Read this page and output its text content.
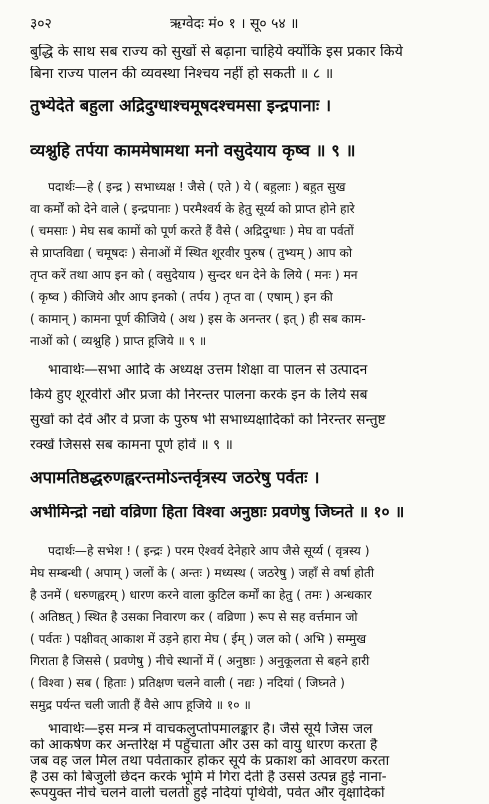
३०२	ऋग्वेदः मं० १ । सू० ५४ ॥
बुद्धि के साथ सब राज्य को सुखों से बढ़ाना चाहिये क्योंकि इस प्रकार किये
बिना राज्य पालन की व्यवस्था निश्चय नहीं हो सकती ॥ ८ ॥
तुभ्येदेते बहुला अद्रिदुग्धाश्चमूषदश्चमसा इन्द्रपानाः ।
व्यश्नुहि तर्पया काममेषामथा मनो वसुदेयाय कृष्व ॥ ९ ॥
पदार्थः—हे ( इन्द्र ) सभाध्यक्ष ! जैसे ( एते ) ये ( बहुलाः ) बहुत सुख
वा कर्मों को देने वाले ( इन्द्रपानाः ) परमैश्वर्य के हेतु सूर्य्य को प्राप्त होने हारे
( चमसाः ) मेघ सब कामों को पूर्ण करते हैं वैसे ( अद्रिदुग्धाः ) मेघ वा पर्वतों
से प्राप्तविद्या ( चमूषदः ) सेनाओं में स्थित शूरवीर पुरुष ( तुभ्यम् ) आप को
तृप्त करें तथा आप इन को ( वसुदेयाय ) सुन्दर धन देने के लिये ( मनः ) मन
( कृष्व ) कीजिये और आप इनको ( तर्पय ) तृप्त वा ( एषाम् ) इन की
( कामान् ) कामना पूर्ण कीजिये ( अथ ) इस के अनन्तर ( इत् ) ही सब काम-
नाओं को ( व्यश्नुहि ) प्राप्त हूजिये ॥ ९ ॥
भावार्थः—सभा आदि के अध्यक्ष उत्तम शिक्षा वा पालन से उत्पादन
किये हुए शूरवीरों और प्रजा की निरन्तर पालना करके इन के लिये सब
सुखों को देवें और वे प्रजा के पुरुष भी सभाध्यक्षादिकों को निरन्तर सन्तुष्ट
रक्खें जिससे सब कामना पूर्ण होवें ॥ ९ ॥
अपामतिष्ठद्धरुणह्वरन्तमोऽन्तर्वृत्रस्य जठरेषु पर्वतः ।
अभीमिन्द्रो नद्यो वव्रिणा हिता विश्वा अनुष्ठाः प्रवणेषु जिघ्नते ॥ १० ॥
पदार्थः—हे सभेश ! ( इन्द्रः ) परम ऐश्वर्य देनेहारे आप जैसे सूर्य्य ( वृत्रस्य )
मेघ सम्बन्धी ( अपाम् ) जलों के ( अन्तः ) मध्यस्थ ( जठरेषु ) जहाँ से वर्षा होती
है उनमें ( धरुणह्वरम् ) धारण करने वाला कुटिल कर्मों का हेतु ( तमः ) अन्धकार
( अतिष्ठत् ) स्थित है उसका निवारण कर ( वव्रिणा ) रूप से सह वर्त्तमान जो
( पर्वतः ) पक्षीवत् आकाश में उड़ने हारा मेघ ( ईम् ) जल को ( अभि ) सम्मुख
गिराता है जिससे ( प्रवणेषु ) नीचे स्थानों में ( अनुष्ठाः ) अनुकूलता से बहने हारी
( विश्वा ) सब ( हिताः ) प्रतिक्षण चलने वाली ( नद्यः ) नदियां ( जिघ्नते )
समुद्र पर्यन्त चली जाती हैं वैसे आप हूजिये ॥ १० ॥
भावार्थः—इस मन्त्र में वाचकलुप्तोपमालङ्कार है। जैसे सूर्य जिस जल
को आकर्षण कर अन्तरिक्ष में पहुँचाता और उस को वायु धारण करता है
जब वह जल मिल तथा पर्वताकार होकर सूर्य के प्रकाश को आवरण करता
है उस को बिजुली छेदन करके भूमि में गिरा देती है उससे उत्पन्न हुई नाना-
रूपयुक्त नीचे चलने वाली चलती हुई नदियां पृथिवी, पर्वत और वृक्षादिकों
